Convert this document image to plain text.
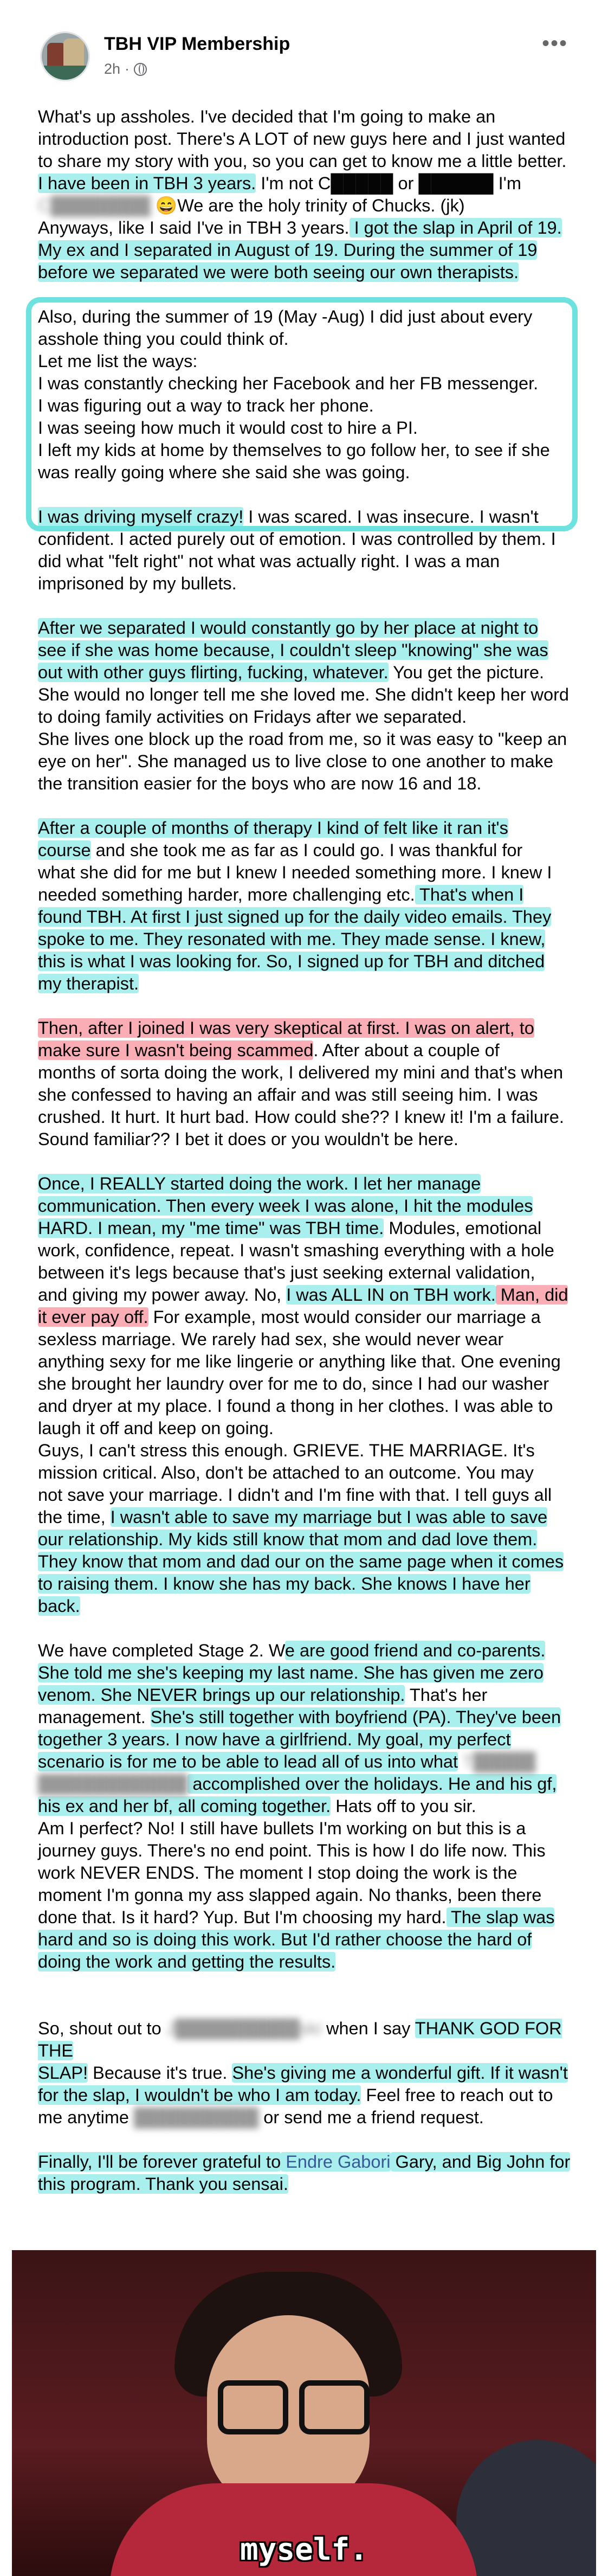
TBH VIP Membership
2h ·
•••

What's up assholes. I've decided that I'm going to make an

introduction post. There's A LOT of new guys here and I just wanted

to share my story with you, so you can get to know me a little better.

I have been in TBH 3 years. I'm not C█████ or ██████ I'm

C████████ 😄We are the holy trinity of Chucks. (jk)

Anyways, like I said I've in TBH 3 years. I got the slap in April of 19.

My ex and I separated in August of 19. During the summer of 19

before we separated we were both seeing our own therapists.

Also, during the summer of 19 (May -Aug) I did just about every

asshole thing you could think of.

Let me list the ways:

I was constantly checking her Facebook and her FB messenger.

I was figuring out a way to track her phone.

I was seeing how much it would cost to hire a PI.

I left my kids at home by themselves to go follow her, to see if she

was really going where she said she was going.

I was driving myself crazy! I was scared. I was insecure. I wasn't

confident. I acted purely out of emotion. I was controlled by them. I

did what "felt right" not what was actually right. I was a man

imprisoned by my bullets.

After we separated I would constantly go by her place at night to

see if she was home because, I couldn't sleep "knowing" she was

out with other guys flirting, fucking, whatever. You get the picture.

She would no longer tell me she loved me. She didn't keep her word

to doing family activities on Fridays after we separated.

She lives one block up the road from me, so it was easy to "keep an

eye on her". She managed us to live close to one another to make

the transition easier for the boys who are now 16 and 18.

After a couple of months of therapy I kind of felt like it ran it's

course and she took me as far as I could go. I was thankful for

what she did for me but I knew I needed something more. I knew I

needed something harder, more challenging etc. That's when I

found TBH. At first I just signed up for the daily video emails. They

spoke to me. They resonated with me. They made sense. I knew,

this is what I was looking for. So, I signed up for TBH and ditched

my therapist.

Then, after I joined I was very skeptical at first. I was on alert, to

make sure I wasn't being scammed. After about a couple of

months of sorta doing the work, I delivered my mini and that's when

she confessed to having an affair and was still seeing him. I was

crushed. It hurt. It hurt bad. How could she?? I knew it! I'm a failure.

Sound familiar?? I bet it does or you wouldn't be here.

Once, I REALLY started doing the work. I let her manage

communication. Then every week I was alone, I hit the modules

HARD. I mean, my "me time" was TBH time. Modules, emotional

work, confidence, repeat. I wasn't smashing everything with a hole

between it's legs because that's just seeking external validation,

and giving my power away. No, I was ALL IN on TBH work. Man, did

it ever pay off. For example, most would consider our marriage a

sexless marriage. We rarely had sex, she would never wear

anything sexy for me like lingerie or anything like that. One evening

she brought her laundry over for me to do, since I had our washer

and dryer at my place. I found a thong in her clothes. I was able to

laugh it off and keep on going.

Guys, I can't stress this enough. GRIEVE. THE MARRIAGE. It's

mission critical. Also, don't be attached to an outcome. You may

not save your marriage. I didn't and I'm fine with that. I tell guys all

the time, I wasn't able to save my marriage but I was able to save

our relationship. My kids still know that mom and dad love them.

They know that mom and dad our on the same page when it comes

to raising them. I know she has my back. She knows I have her

back.

We have completed Stage 2. We are good friend and co-parents.

She told me she's keeping my last name. She has given me zero

venom. She NEVER brings up our relationship. That's her

management. She's still together with boyfriend (PA). They've been

together 3 years. I now have a girlfriend. My goal, my perfect

scenario is for me to be able to lead all of us into what T█████

████████████ accomplished over the holidays. He and his gf,

his ex and her bf, all coming together. Hats off to you sir.

Am I perfect? No! I still have bullets I'm working on but this is a

journey guys. There's no end point. This is how I do life now. This

work NEVER ENDS. The moment I stop doing the work is the

moment I'm gonna my ass slapped again. No thanks, been there

done that. Is it hard? Yup. But I'm choosing my hard. The slap was

hard and so is doing this work. But I'd rather choose the hard of

doing the work and getting the results.

So, shout out to J██████████ski when I say THANK GOD FOR THE

SLAP! Because it's true. She's giving me a wonderful gift. If it wasn't

for the slap, I wouldn't be who I am today. Feel free to reach out to

me anytime ██████████ or send me a friend request.

Finally, I'll be forever grateful to Endre Gabori Gary, and Big John for

this program. Thank you sensai.

myself.
